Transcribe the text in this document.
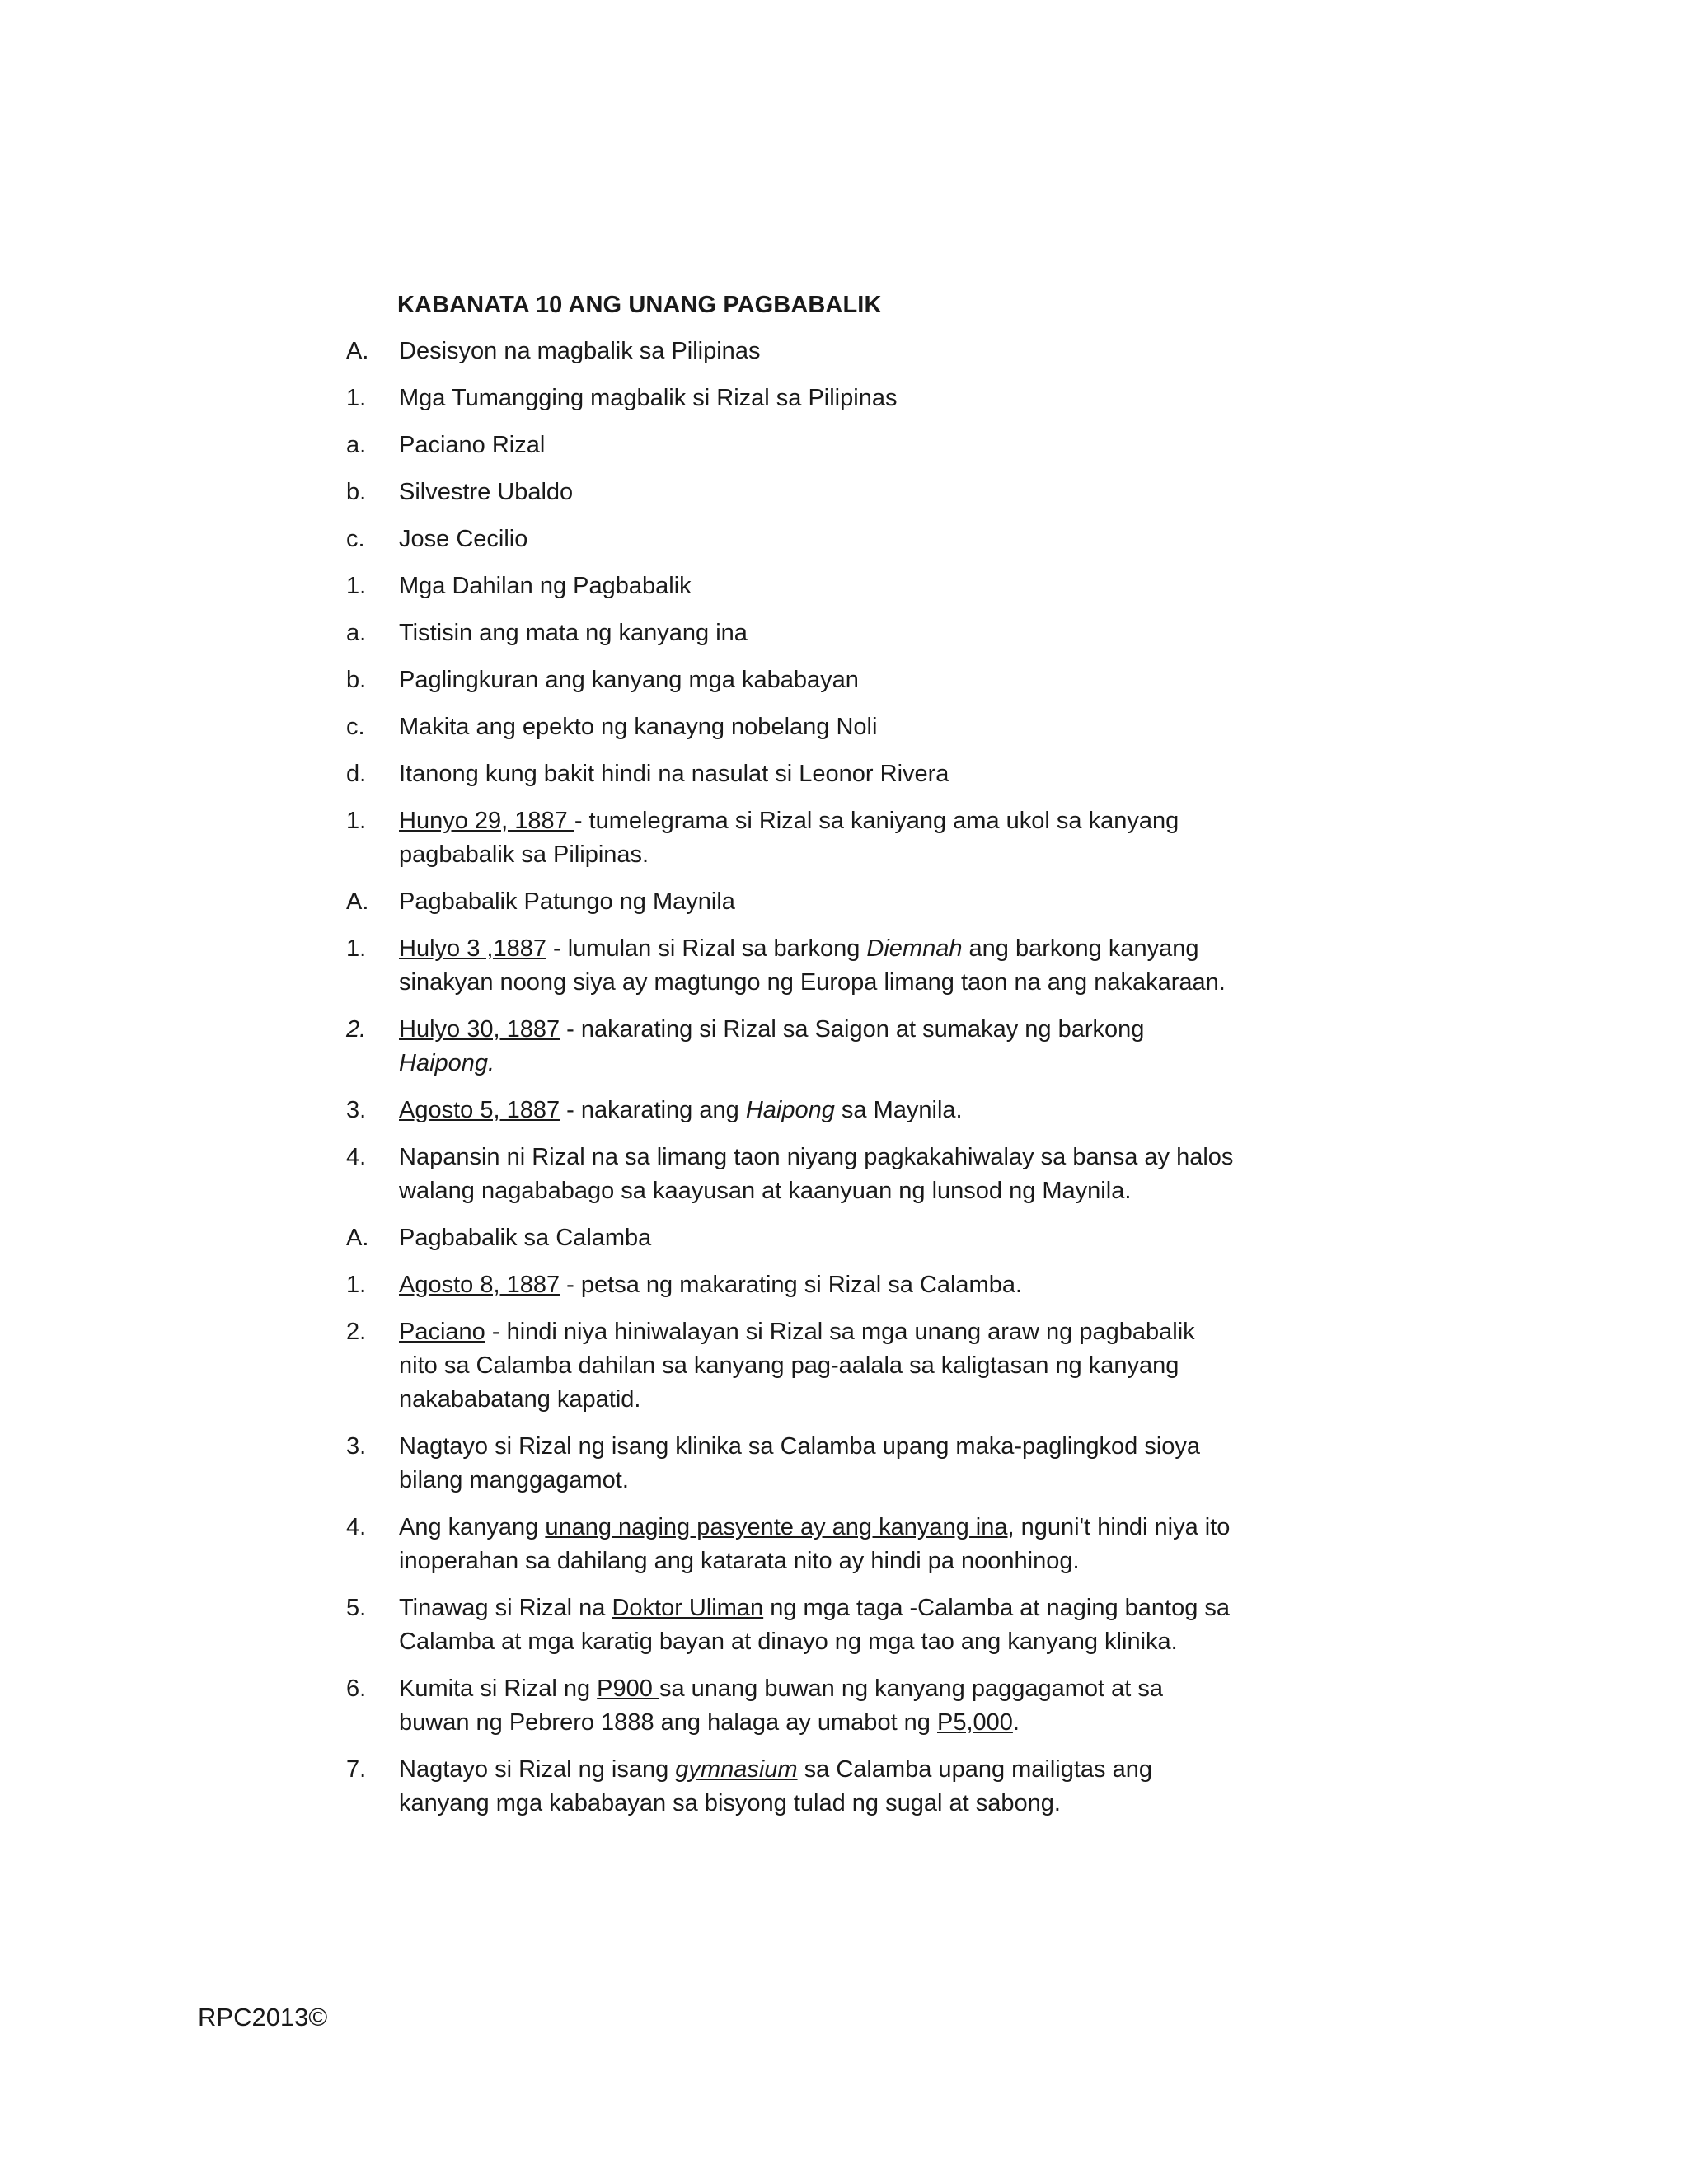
KABANATA 10 ANG UNANG PAGBABALIK
A.	Desisyon na magbalik sa Pilipinas
1.	Mga Tumangging magbalik si Rizal sa Pilipinas
a.	Paciano Rizal
b.	Silvestre Ubaldo
c.	Jose Cecilio
1.	Mga Dahilan ng Pagbabalik
a.	Tistisin ang mata ng kanyang ina
b.	Paglingkuran ang kanyang mga kababayan
c.	Makita ang epekto ng kanayng nobelang Noli
d.	Itanong kung bakit hindi na nasulat si Leonor Rivera
1.	Hunyo 29, 1887 - tumelegrama si Rizal sa kaniyang ama ukol sa kanyang pagbabalik sa Pilipinas.
A.	Pagbabalik Patungo ng Maynila
1.	Hulyo 3 ,1887 - lumulan si Rizal sa barkong Diemnah ang barkong kanyang sinakyan noong siya ay magtungo ng Europa limang taon na ang nakakaraan.
2.	Hulyo 30, 1887 - nakarating si Rizal sa Saigon at sumakay ng barkong Haipong.
3.	Agosto 5, 1887 - nakarating ang Haipong sa Maynila.
4.	Napansin ni Rizal na sa limang taon niyang pagkakahiwalay sa bansa ay halos walang nagababago sa kaayusan at kaanyuan ng lunsod ng Maynila.
A.	Pagbabalik sa Calamba
1.	Agosto 8, 1887 - petsa ng makarating si Rizal sa Calamba.
2.	Paciano - hindi niya hiniwalayan si Rizal sa mga unang araw ng pagbabalik nito sa Calamba dahilan sa kanyang pag-aalala sa kaligtasan ng kanyang nakababatang kapatid.
3.	Nagtayo si Rizal ng isang klinika sa Calamba upang maka-paglingkod sioya bilang manggagamot.
4.	Ang kanyang unang naging pasyente ay ang kanyang ina, nguni't hindi niya ito inoperahan sa dahilang ang katarata nito ay hindi pa noonhinog.
5.	Tinawag si Rizal na Doktor Uliman ng mga taga -Calamba at naging bantog sa Calamba at mga karatig bayan at dinayo ng mga tao ang kanyang klinika.
6.	Kumita si Rizal ng P900 sa unang buwan ng kanyang paggagamot at sa buwan ng Pebrero 1888 ang halaga ay umabot ng P5,000.
7.	Nagtayo si Rizal ng isang gymnasium sa Calamba upang mailigtas ang kanyang mga kababayan sa bisyong tulad ng sugal at sabong.
RPC2013©
